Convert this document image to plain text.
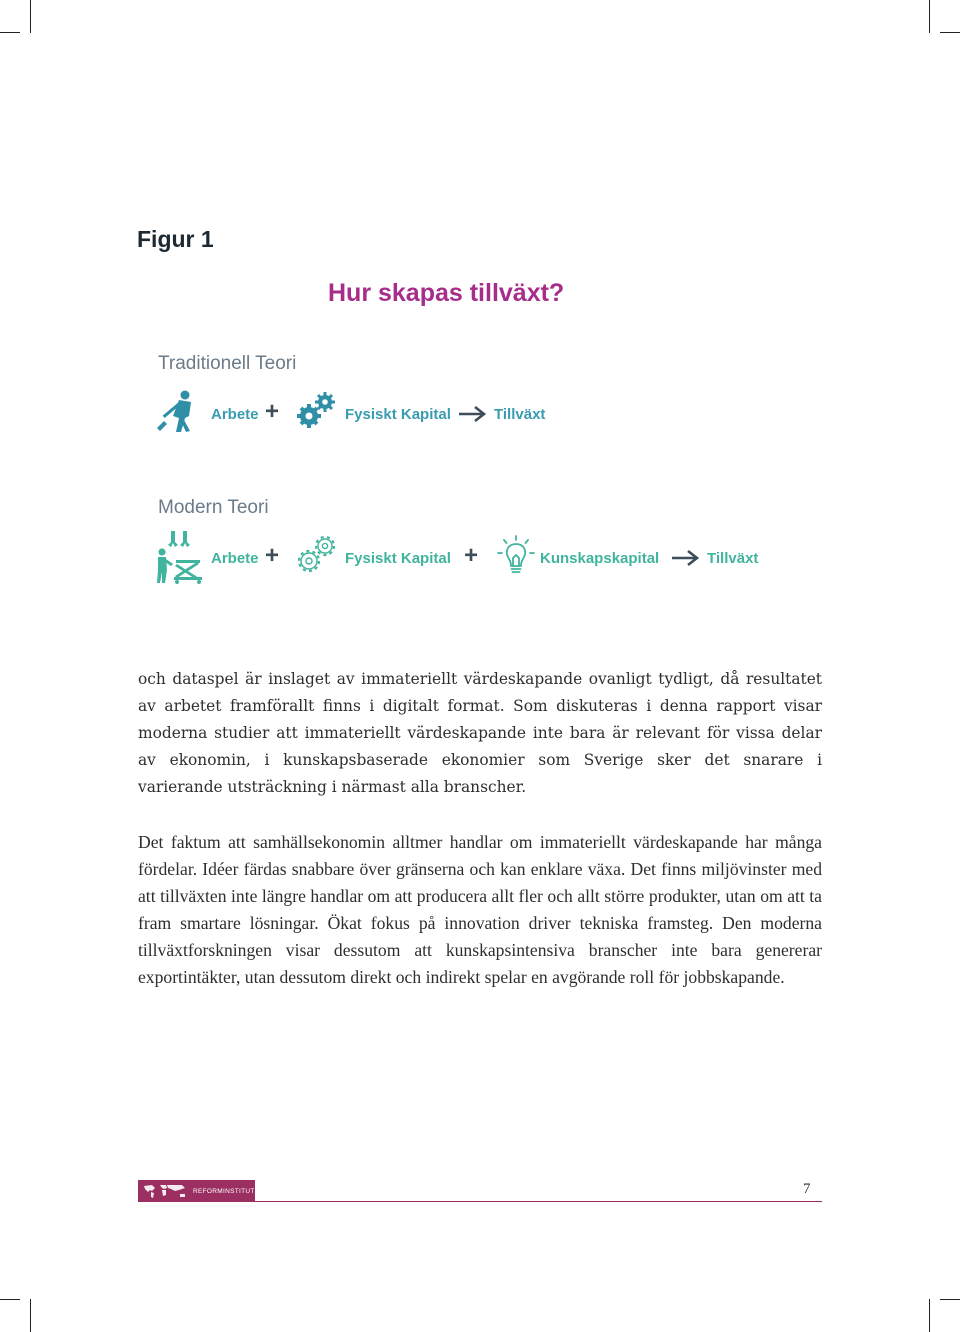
Figur 1
Hur skapas tillväxt?
Traditionell Teori
Arbete +	Fysiskt Kapital	Tillväxt
Modern Teori
Arbete +	Fysiskt Kapital +	Kunskapskapital	Tillväxt
och dataspel är inslaget av immateriellt värdeskapande ovanligt tydligt, då resultatet av arbetet framförallt finns i digitalt format. Som diskuteras i denna rapport visar moderna studier att immateriellt värdeskapande inte bara är relevant för vissa delar av ekonomin, i kunskapsbaserade ekonomier som Sverige sker det snarare i varierande utsträckning i närmast alla branscher.
Det faktum att samhällsekonomin alltmer handlar om immateriellt värdeskapande har många fördelar. Idéer färdas snabbare över gränserna och kan enklare växa. Det finns miljövinster med att tillväxten inte längre handlar om att producera allt fler och allt större produkter, utan om att ta fram smartare lösningar. Ökat fokus på innovation driver tekniska framsteg. Den moderna tillväxtforskningen visar dessutom att kunskapsintensiva branscher inte bara genererar exportintäkter, utan dessutom direkt och indirekt spelar en avgörande roll för jobbskapande.
REFORMINSTITUTET	7
